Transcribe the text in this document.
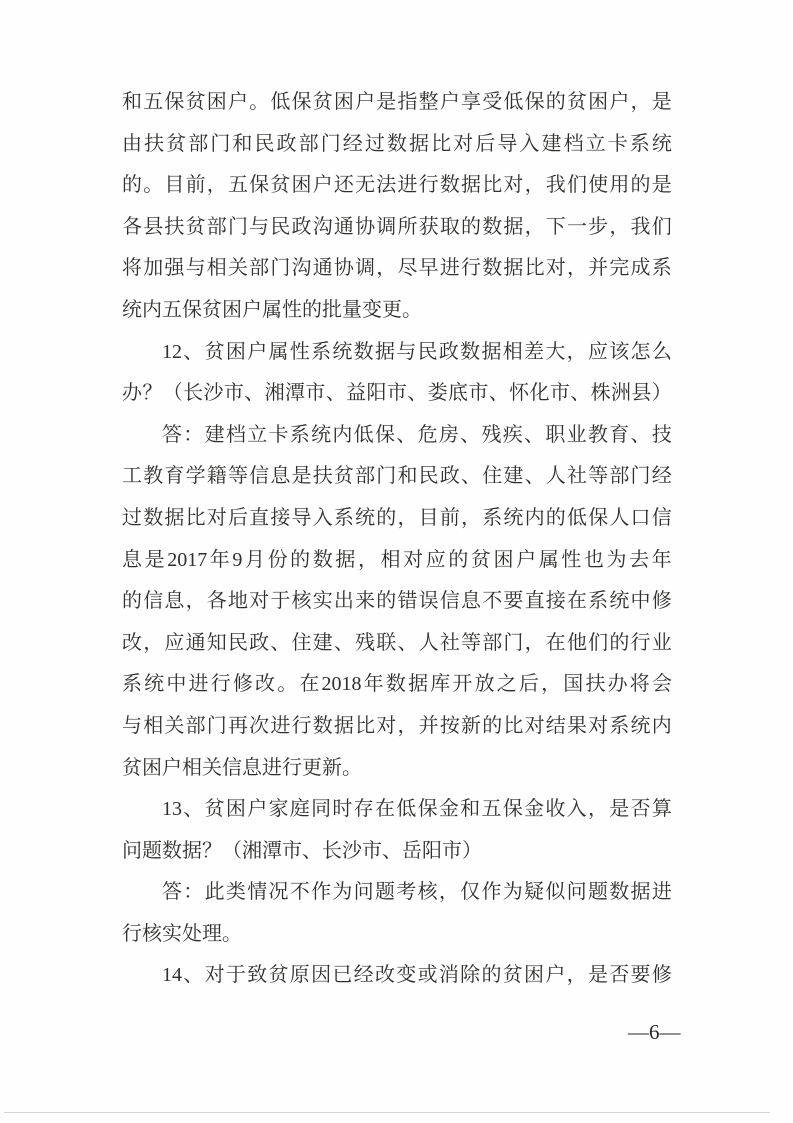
和 五 保 贫 困 户 。 低 保 贫 困 户 是 指 整 户 享 受 低 保 的 贫 困 户 ， 是
由 扶 贫 部 门 和 民 政 部 门 经 过 数 据 比 对 后 导 入 建 档 立 卡 系 统
的 。 目 前 ， 五 保 贫 困 户 还 无 法 进 行 数 据 比 对 ， 我 们 使 用 的 是
各 县 扶 贫 部 门 与 民 政 沟 通 协 调 所 获 取 的 数 据 ， 下 一 步 ， 我 们
将 加 强 与 相 关 部 门 沟 通 协 调 ， 尽 早 进 行 数 据 比 对 ， 并 完 成 系
统内五保贫困户属性的批量变更。
12 、 贫 困 户 属 性 系 统 数 据 与 民 政 数 据 相 差 大 ， 应 该 怎 么
办 ？ （ 长 沙 市 、 湘 潭 市 、 益 阳 市 、 娄 底 市 、 怀 化 市 、 株 洲 县 ）
答 ： 建 档 立 卡 系 统 内 低 保 、 危 房 、 残 疾 、 职 业 教 育 、 技
工 教 育 学 籍 等 信 息 是 扶 贫 部 门 和 民 政 、 住 建 、 人 社 等 部 门 经
过 数 据 比 对 后 直 接 导 入 系 统 的 ， 目 前 ， 系 统 内 的 低 保 人 口 信
息 是 2017 年 9 月 份 的 数 据 ， 相 对 应 的 贫 困 户 属 性 也 为 去 年
的 信 息 ， 各 地 对 于 核 实 出 来 的 错 误 信 息 不 要 直 接 在 系 统 中 修
改 ， 应 通 知 民 政 、 住 建 、 残 联 、 人 社 等 部 门 ， 在 他 们 的 行 业
系 统 中 进 行 修 改 。 在 2018 年 数 据 库 开 放 之 后 ， 国 扶 办 将 会
与 相 关 部 门 再 次 进 行 数 据 比 对 ， 并 按 新 的 比 对 结 果 对 系 统 内
贫困户相关信息进行更新。
13 、 贫 困 户 家 庭 同 时 存 在 低 保 金 和 五 保 金 收 入 ， 是 否 算
问题数据？（湘潭市、长沙市、岳阳市）
答 ： 此 类 情 况 不 作 为 问 题 考 核 ， 仅 作 为 疑 似 问 题 数 据 进
行核实处理。
14 、 对 于 致 贫 原 因 已 经 改 变 或 消 除 的 贫 困 户 ， 是 否 要 修
—6—
